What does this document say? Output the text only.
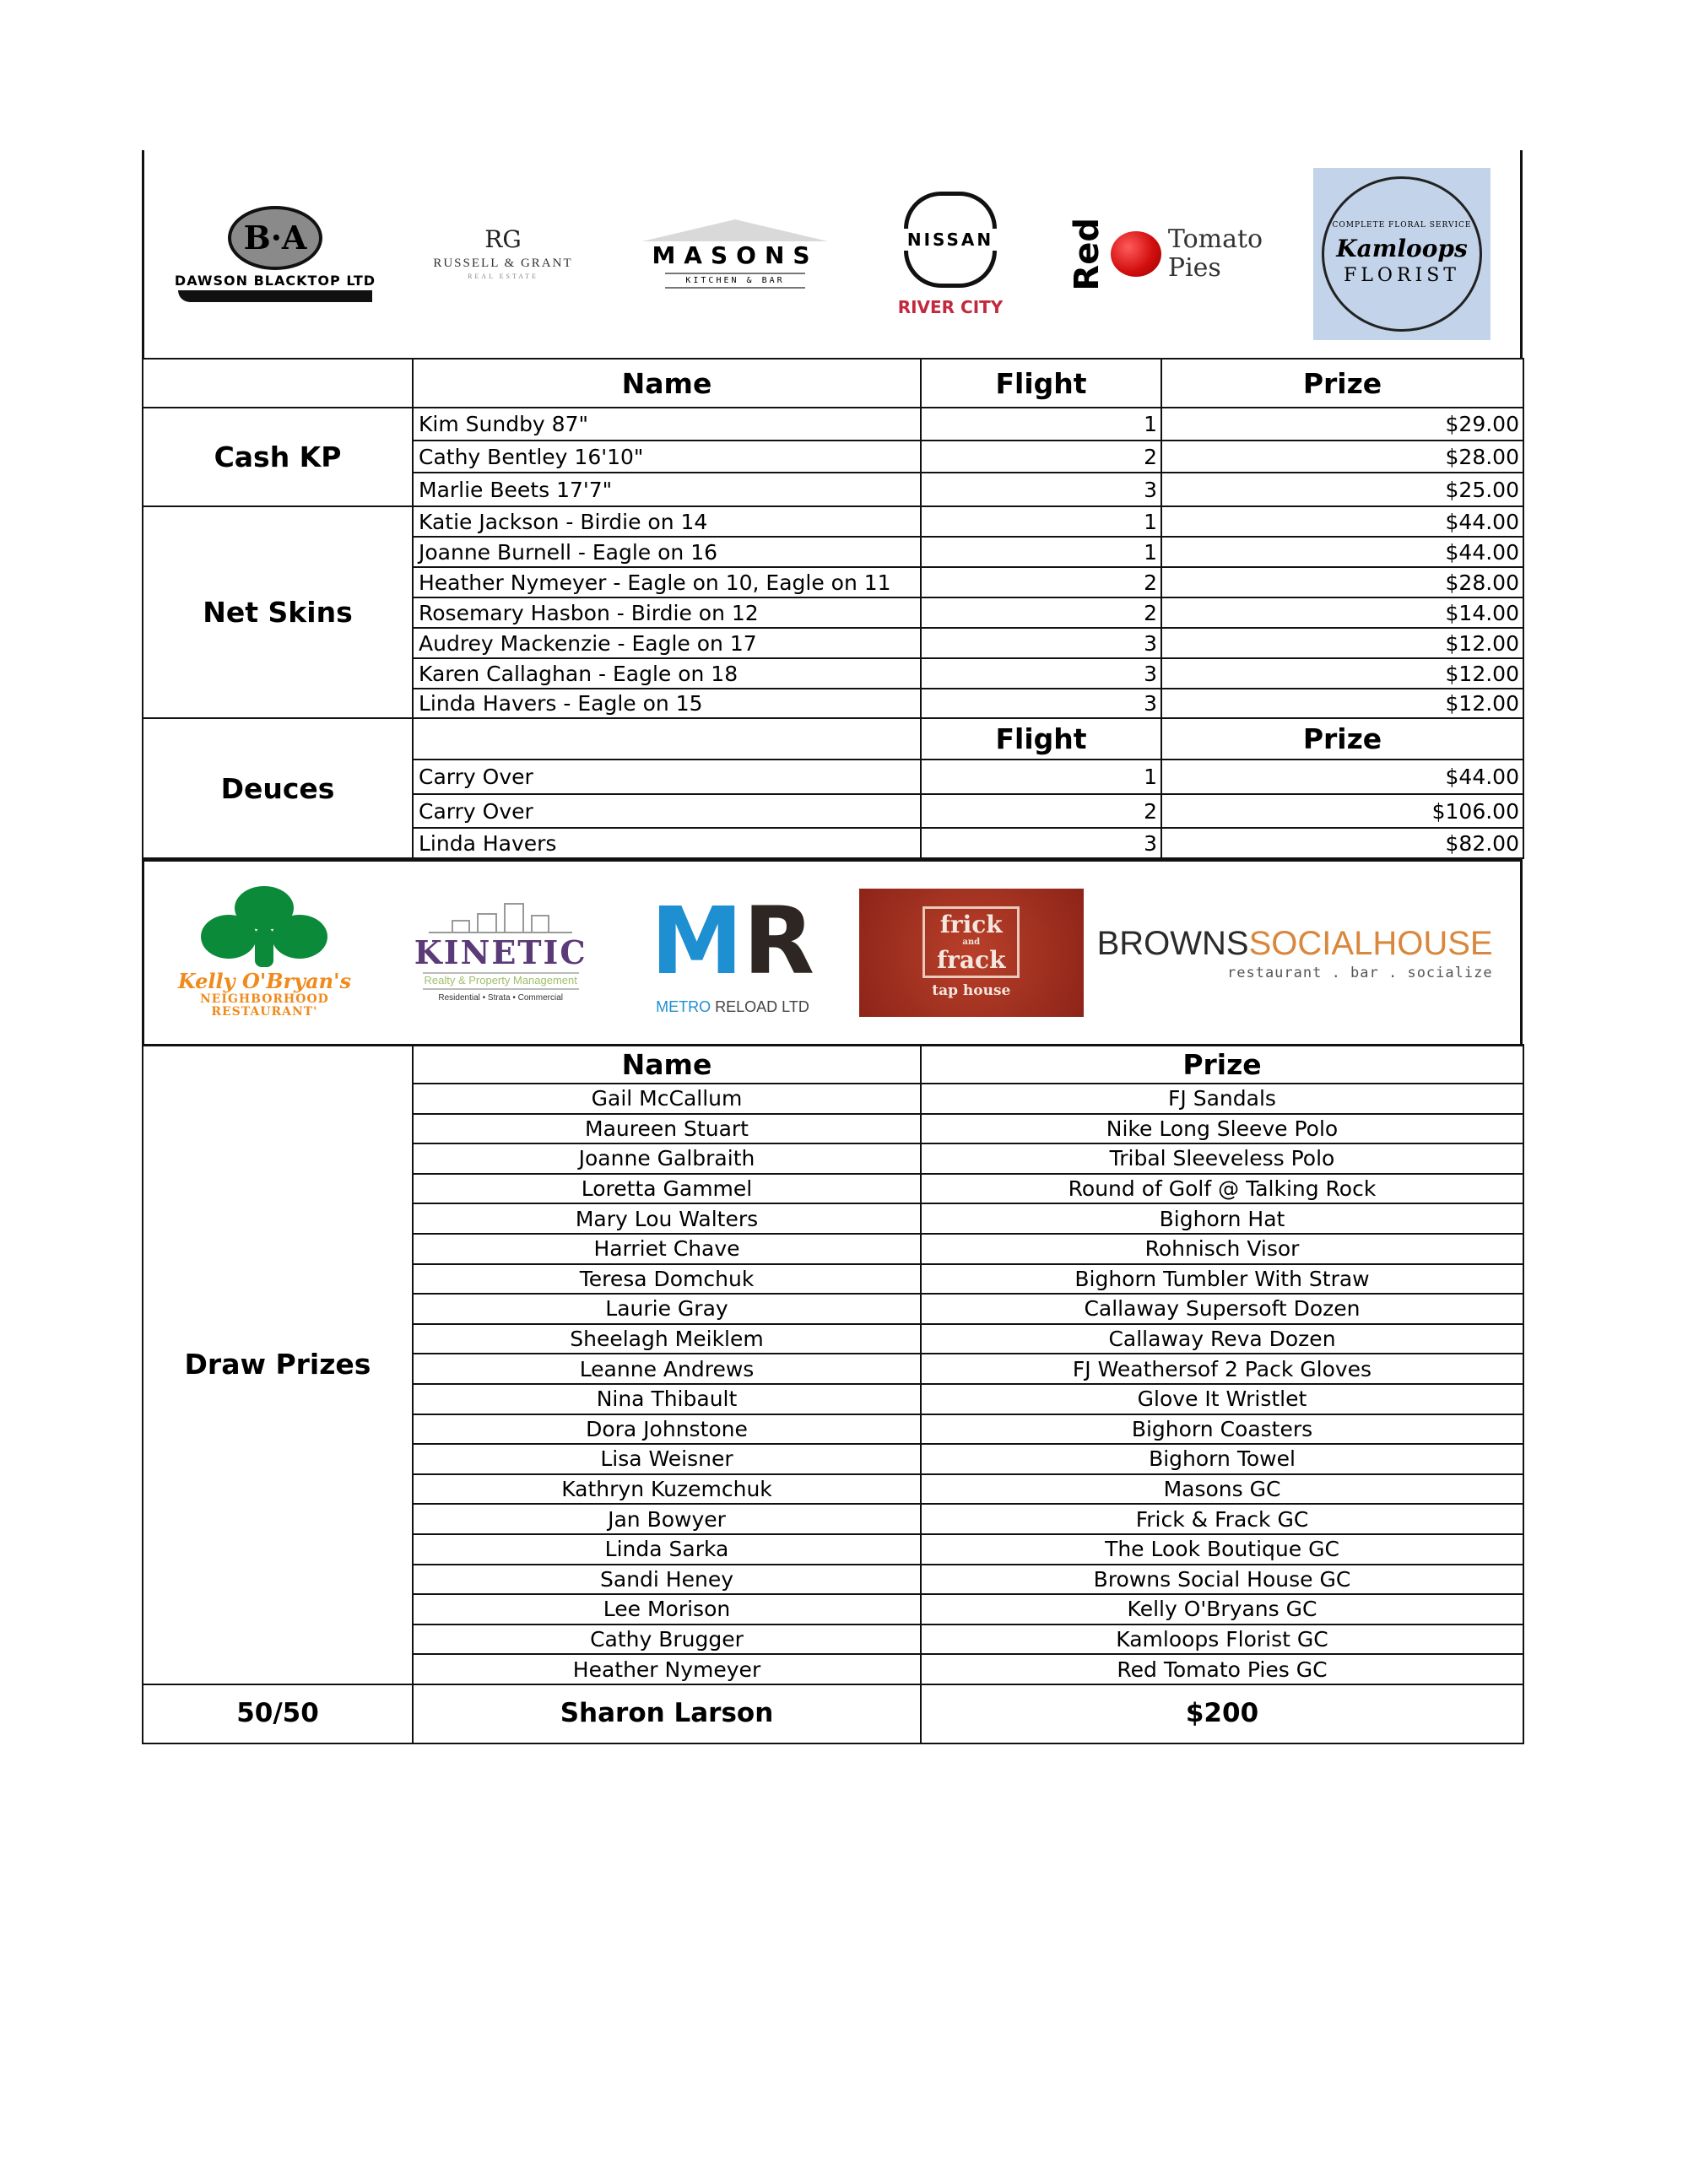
B·A
DAWSON BLACKTOP LTD
RG
RUSSELL & GRANT
REAL ESTATE
MASONS
KITCHEN & BAR
NISSAN
RIVER CITY
Red Tomato
Pies
COMPLETE FLORAL SERVICE
Kamloops
FLORIST
	Name	Flight	Prize
Cash KP	Kim Sundby 87"	1	$29.00
	Cathy Bentley 16'10"	2	$28.00
	Marlie Beets 17'7"	3	$25.00
Net Skins	Katie Jackson - Birdie on 14	1	$44.00
	Joanne Burnell - Eagle on 16	1	$44.00
	Heather Nymeyer - Eagle on 10, Eagle on 11	2	$28.00
	Rosemary Hasbon - Birdie on 12	2	$14.00
	Audrey Mackenzie - Eagle on 17	3	$12.00
	Karen Callaghan - Eagle on 18	3	$12.00
	Linda Havers - Eagle on 15	3	$12.00
Deuces		Flight	Prize
	Carry Over	1	$44.00
	Carry Over	2	$106.00
	Linda Havers	3	$82.00
Kelly O'Bryan's
NEIGHBORHOOD
RESTAURANT'
KINETIC
Realty & Property Management
Residential • Strata • Commercial
M R
METRO RELOAD LTD
frick
and
frack
tap house
BROWNSSOCIALHOUSE
restaurant . bar . socialize
Draw Prizes	Name	Prize
	Gail McCallum	FJ Sandals
	Maureen Stuart	Nike Long Sleeve Polo
	Joanne Galbraith	Tribal Sleeveless Polo
	Loretta Gammel	Round of Golf @ Talking Rock
	Mary Lou Walters	Bighorn Hat
	Harriet Chave	Rohnisch Visor
	Teresa Domchuk	Bighorn Tumbler With Straw
	Laurie Gray	Callaway Supersoft Dozen
	Sheelagh Meiklem	Callaway Reva Dozen
	Leanne Andrews	FJ Weathersof 2 Pack Gloves
	Nina Thibault	Glove It Wristlet
	Dora Johnstone	Bighorn Coasters
	Lisa Weisner	Bighorn Towel
	Kathryn Kuzemchuk	Masons GC
	Jan Bowyer	Frick & Frack GC
	Linda Sarka	The Look Boutique GC
	Sandi Heney	Browns Social House GC
	Lee Morison	Kelly O'Bryans GC
	Cathy Brugger	Kamloops Florist GC
	Heather Nymeyer	Red Tomato Pies GC
50/50	Sharon Larson	$200
